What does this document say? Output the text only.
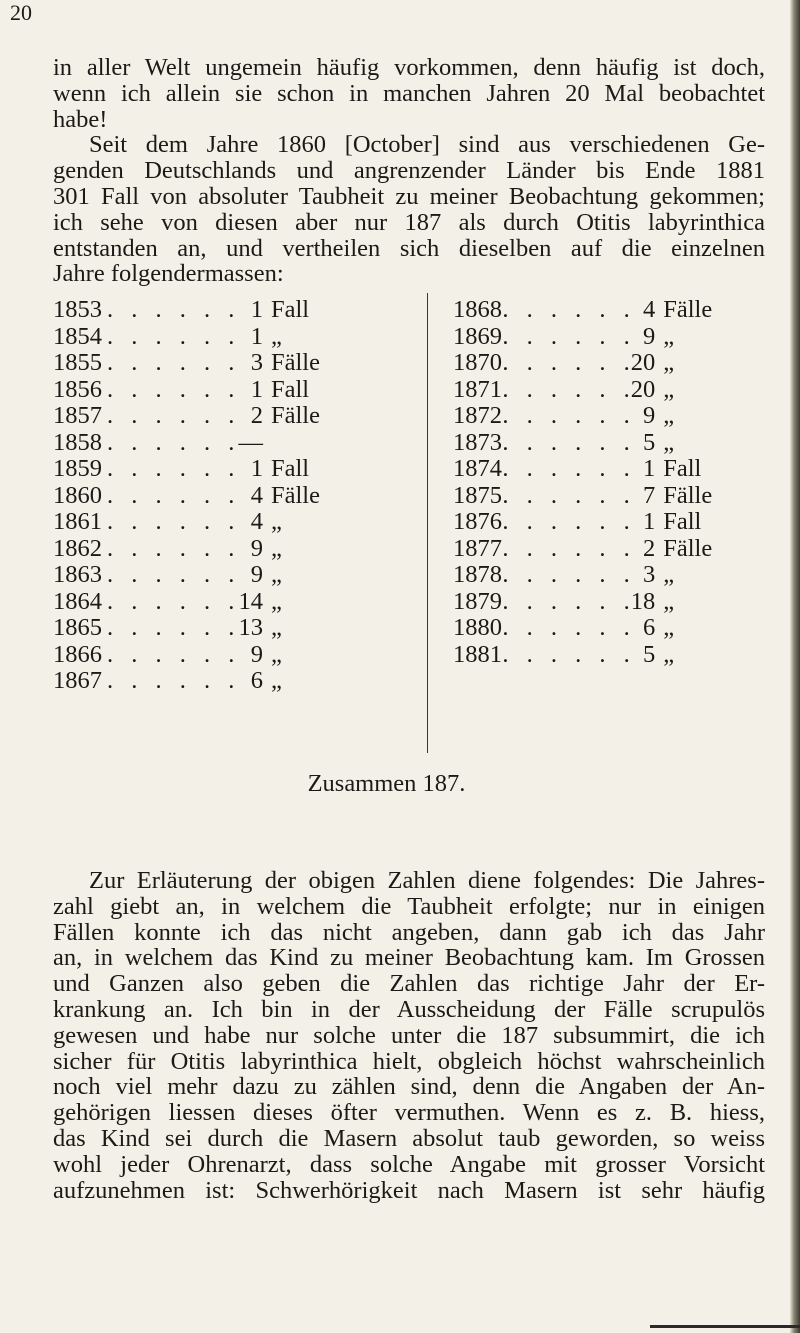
20
in aller Welt ungemein häufig vorkommen, denn häufig ist doch,
wenn ich allein sie schon in manchen Jahren 20 Mal beobachtet
habe!
Seit dem Jahre 1860 [October] sind aus verschiedenen Ge-
genden Deutschlands und angrenzender Länder bis Ende 1881
301 Fall von absoluter Taubheit zu meiner Beobachtung gekommen;
ich sehe von diesen aber nur 187 als durch Otitis labyrinthica
entstanden an, und vertheilen sich dieselben auf die einzelnen
Jahre folgendermassen:
1853 . . . . . . 1 Fall
1854 . . . . . . 1 „
1855 . . . . . . 3 Fälle
1856 . . . . . . 1 Fall
1857 . . . . . . 2 Fälle
1858 . . . . . .
—
1859 . . . . . . 1 Fall
1860 . . . . . . 4 Fälle
1861 . . . . . . 4 „
1862 . . . . . . 9 „
1863 . . . . . . 9 „
1864 . . . . . .
14 „
1865 . . . . . .
13 „
1866 . . . . . . 9 „
1867 . . . . . . 6 „
1868 . . . . . . 4 Fälle
1869 . . . . . . 9 „
1870 . . . . . .
20 „
1871 . . . . . .
20 „
1872 . . . . . . 9 „
1873 . . . . . . 5 „
1874 . . . . . . 1 Fall
1875 . . . . . . 7 Fälle
1876 . . . . . . 1 Fall
1877 . . . . . . 2 Fälle
1878 . . . . . . 3 „
1879 . . . . . .
18 „
1880 . . . . . . 6 „
1881 . . . . . . 5 „
Zusammen 187.
Zur Erläuterung der obigen Zahlen diene folgendes: Die Jahres-
zahl giebt an, in welchem die Taubheit erfolgte; nur in einigen
Fällen konnte ich das nicht angeben, dann gab ich das Jahr
an, in welchem das Kind zu meiner Beobachtung kam. Im Grossen
und Ganzen also geben die Zahlen das richtige Jahr der Er-
krankung an. Ich bin in der Ausscheidung der Fälle scrupulös
gewesen und habe nur solche unter die 187 subsummirt, die ich
sicher für Otitis labyrinthica hielt, obgleich höchst wahrscheinlich
noch viel mehr dazu zu zählen sind, denn die Angaben der An-
gehörigen liessen dieses öfter vermuthen. Wenn es z. B. hiess,
das Kind sei durch die Masern absolut taub geworden, so weiss
wohl jeder Ohrenarzt, dass solche Angabe mit grosser Vorsicht
aufzunehmen ist: Schwerhörigkeit nach Masern ist sehr häufig
